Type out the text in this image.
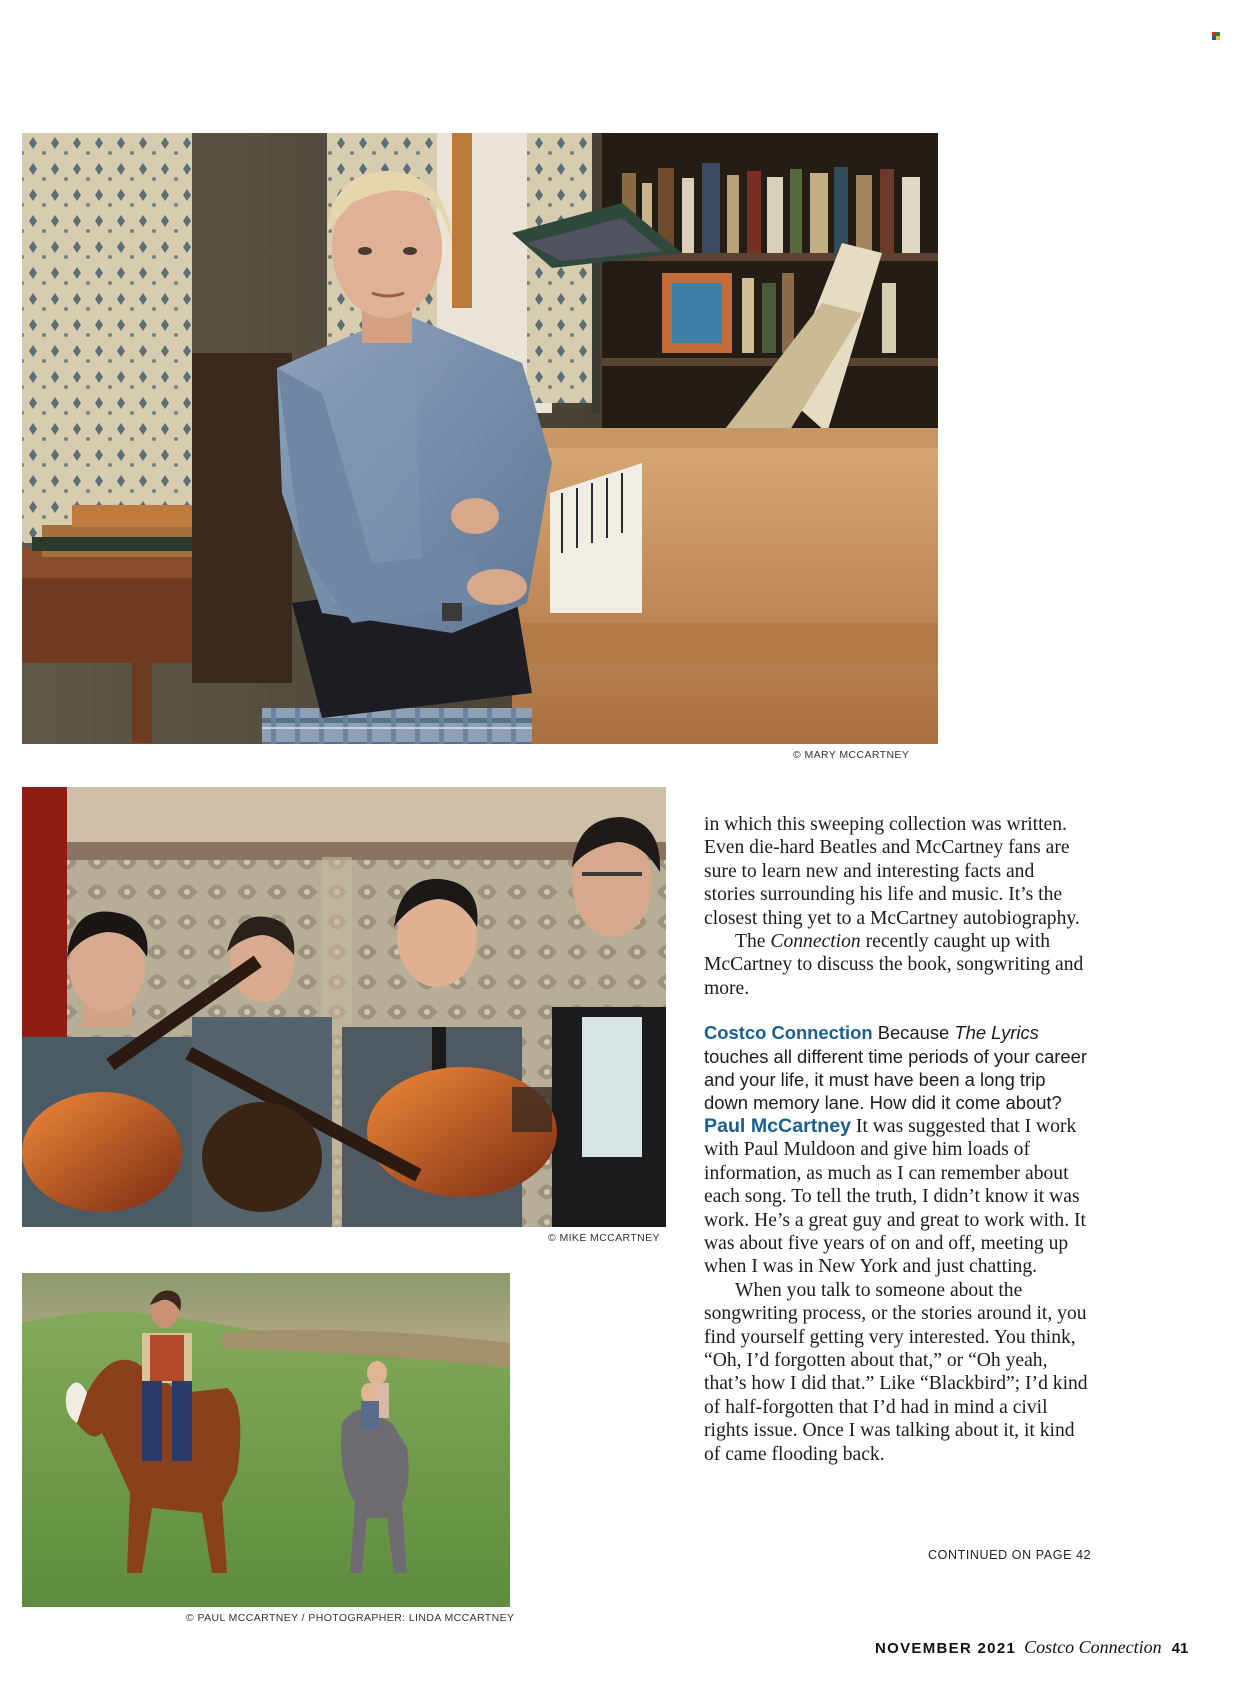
© MARY MCCARTNEY
© MIKE MCCARTNEY
© PAUL MCCARTNEY / PHOTOGRAPHER: LINDA MCCARTNEY

in which this sweeping collection was written. Even die-hard Beatles and McCartney fans are sure to learn new and interesting facts and stories surrounding his life and music. It’s the closest thing yet to a McCartney autobiography.

The Connection recently caught up with McCartney to discuss the book, songwriting and more.

Costco Connection Because The Lyrics touches all different time periods of your career and your life, it must have been a long trip down memory lane. How did it come about?

Paul McCartney It was suggested that I work with Paul Muldoon and give him loads of information, as much as I can remember about each song. To tell the truth, I didn’t know it was work. He’s a great guy and great to work with. It was about five years of on and off, meeting up when I was in New York and just chatting.

When you talk to someone about the songwriting process, or the stories around it, you find yourself getting very interested. You think, “Oh, I’d forgotten about that,” or “Oh yeah, that’s how I did that.” Like “Blackbird”; I’d kind of half-forgotten that I’d had in mind a civil rights issue. Once I was talking about it, it kind of came flooding back.

CONTINUED ON PAGE 42
NOVEMBER 2021 Costco Connection 41
